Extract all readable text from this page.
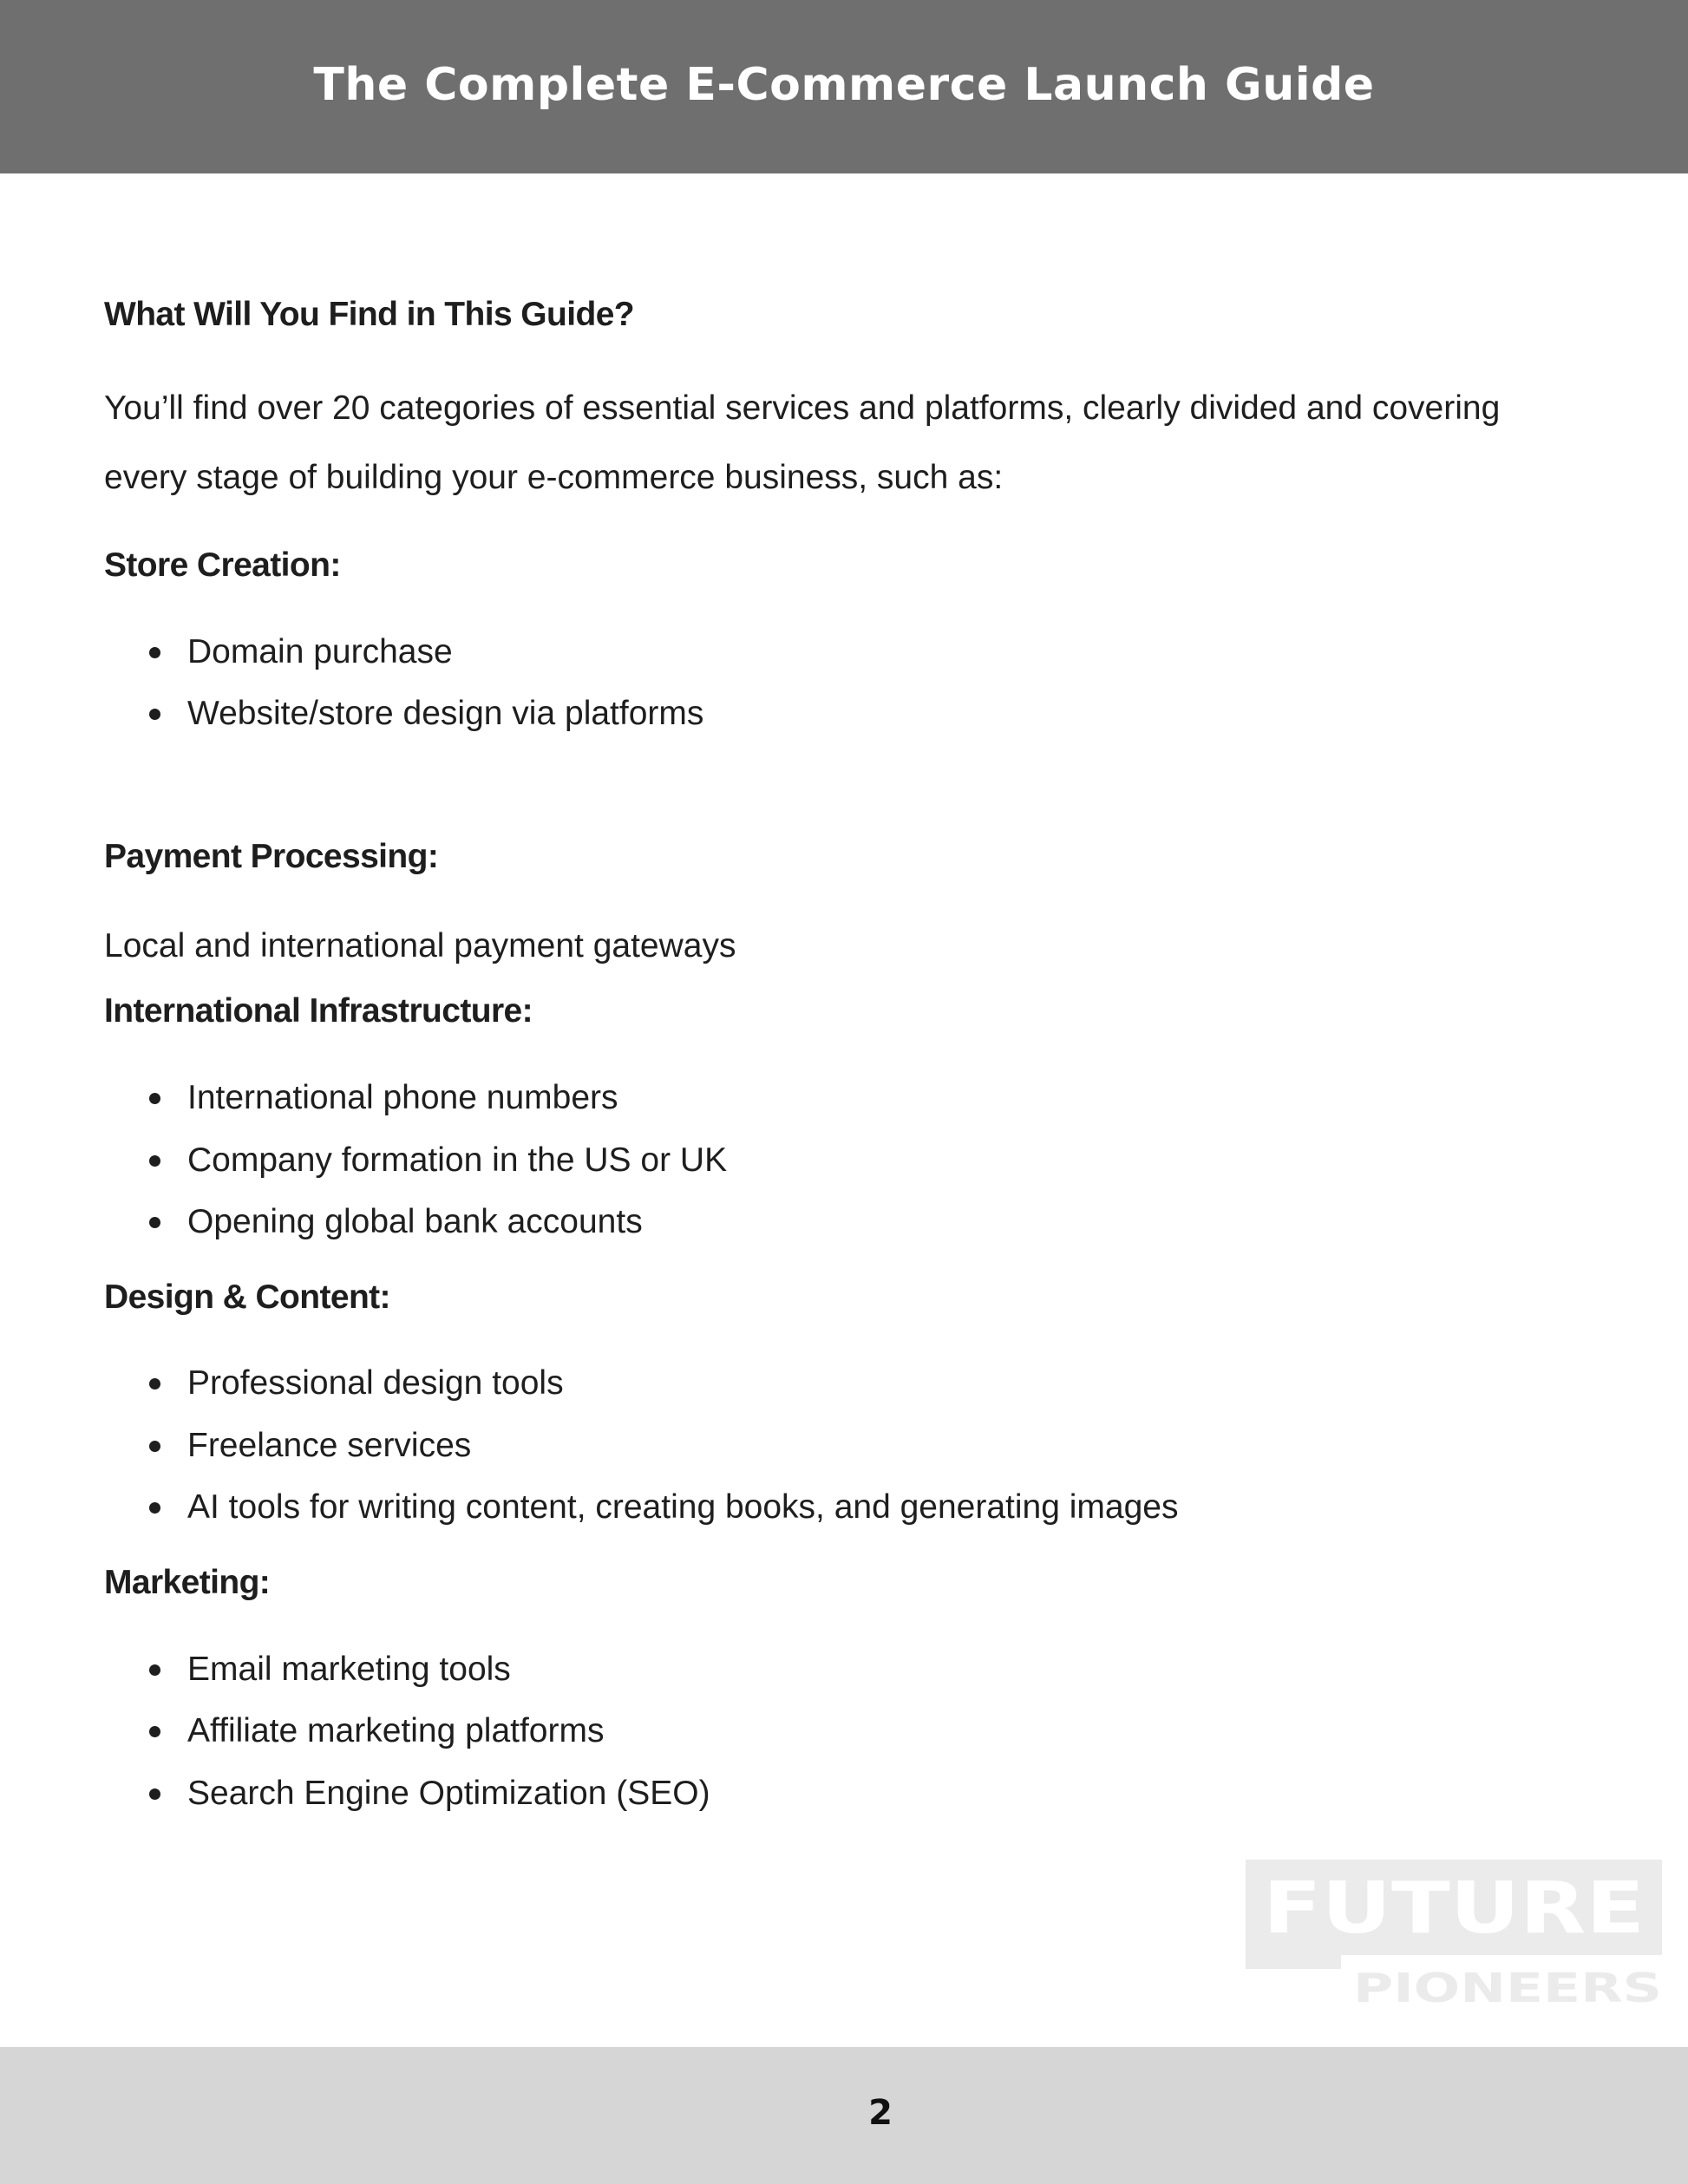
The Complete E-Commerce Launch Guide
What Will You Find in This Guide?

You’ll find over 20 categories of essential services and platforms, clearly divided and covering

every stage of building your e-commerce business, such as:

Store Creation:
Domain purchase
Website/store design via platforms
Payment Processing:

Local and international payment gateways

International Infrastructure:
International phone numbers
Company formation in the US or UK
Opening global bank accounts
Design & Content:
Professional design tools
Freelance services
AI tools for writing content, creating books, and generating images
Marketing:
Email marketing tools
Affiliate marketing platforms
Search Engine Optimization (SEO)
FUTURE
PIONEERS
2
